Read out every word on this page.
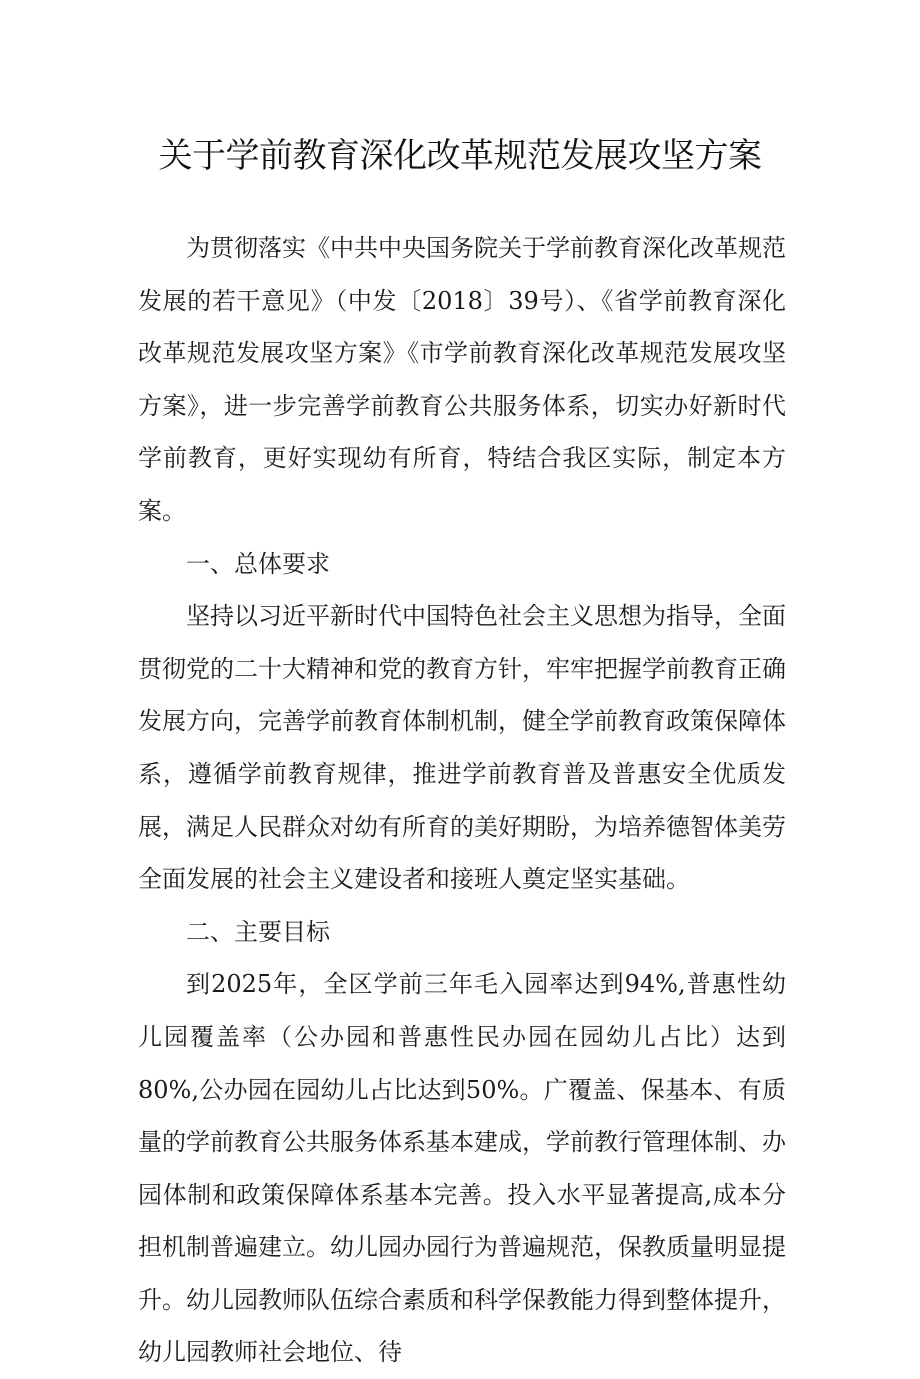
关于学前教育深化改革规范发展攻坚方案

为贯彻落实《中共中央国务院关于学前教育深化改革规范发展的若干意见》（中发〔2018〕39号）、《省学前教育深化改革规范发展攻坚方案》《市学前教育深化改革规范发展攻坚方案》，进一步完善学前教育公共服务体系，切实办好新时代学前教育，更好实现幼有所育，特结合我区实际，制定本方案。

一、总体要求

坚持以习近平新时代中国特色社会主义思想为指导，全面贯彻党的二十大精神和党的教育方针，牢牢把握学前教育正确发展方向，完善学前教育体制机制，健全学前教育政策保障体系，遵循学前教育规律，推进学前教育普及普惠安全优质发展，满足人民群众对幼有所育的美好期盼，为培养德智体美劳全面发展的社会主义建设者和接班人奠定坚实基础。

二、主要目标

到2025年，全区学前三年毛入园率达到94%,普惠性幼儿园覆盖率（公办园和普惠性民办园在园幼儿占比）达到80%,公办园在园幼儿占比达到50%。广覆盖、保基本、有质量的学前教育公共服务体系基本建成，学前教行管理体制、办园体制和政策保障体系基本完善。投入水平显著提高,成本分担机制普遍建立。幼儿园办园行为普遍规范，保教质量明显提升。幼儿园教师队伍综合素质和科学保教能力得到整体提升，幼儿园教师社会地位、待
